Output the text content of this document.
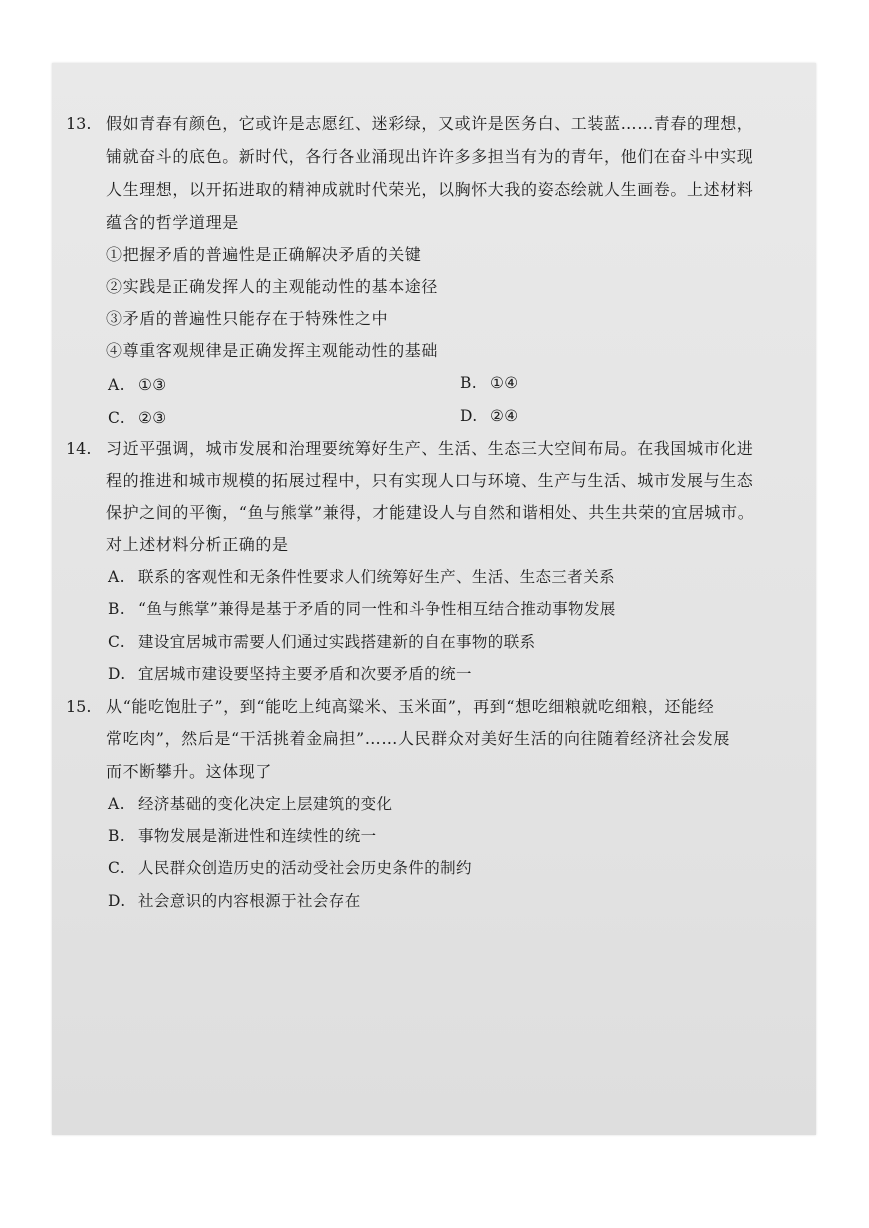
13. 假如青春有颜色，它或许是志愿红、迷彩绿，又或许是医务白、工装蓝……青春的理想，
铺就奋斗的底色。新时代，各行各业涌现出许许多多担当有为的青年，他们在奋斗中实现
人生理想，以开拓进取的精神成就时代荣光，以胸怀大我的姿态绘就人生画卷。上述材料
蕴含的哲学道理是
①把握矛盾的普遍性是正确解决矛盾的关键
②实践是正确发挥人的主观能动性的基本途径
③矛盾的普遍性只能存在于特殊性之中
④尊重客观规律是正确发挥主观能动性的基础
A. ①③	B. ①④
C. ②③	D. ②④
14. 习近平强调，城市发展和治理要统筹好生产、生活、生态三大空间布局。在我国城市化进
程的推进和城市规模的拓展过程中，只有实现人口与环境、生产与生活、城市发展与生态
保护之间的平衡，“鱼与熊掌”兼得，才能建设人与自然和谐相处、共生共荣的宜居城市。
对上述材料分析正确的是
A. 联系的客观性和无条件性要求人们统筹好生产、生活、生态三者关系
B. “鱼与熊掌”兼得是基于矛盾的同一性和斗争性相互结合推动事物发展
C. 建设宜居城市需要人们通过实践搭建新的自在事物的联系
D. 宜居城市建设要坚持主要矛盾和次要矛盾的统一
15. 从“能吃饱肚子”，到“能吃上纯高粱米、玉米面”，再到“想吃细粮就吃细粮，还能经
常吃肉”，然后是“干活挑着金扁担”……人民群众对美好生活的向往随着经济社会发展
而不断攀升。这体现了
A. 经济基础的变化决定上层建筑的变化
B. 事物发展是渐进性和连续性的统一
C. 人民群众创造历史的活动受社会历史条件的制约
D. 社会意识的内容根源于社会存在
